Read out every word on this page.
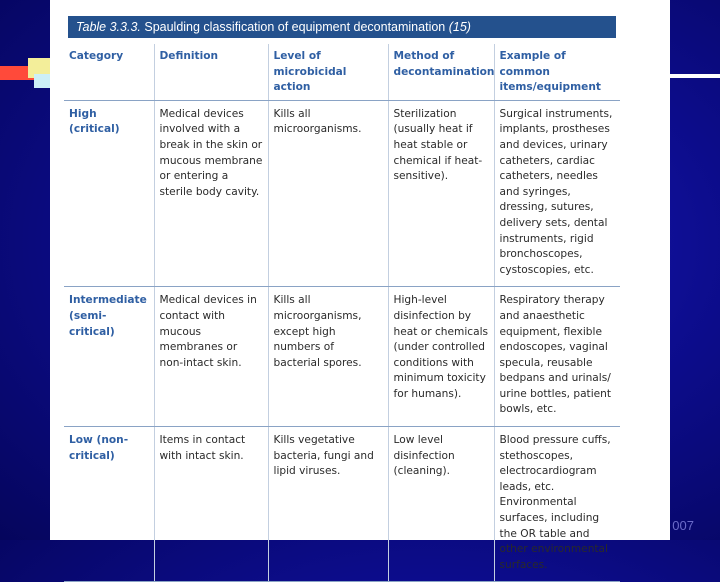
007
Table 3.3.3. Spaulding classification of equipment decontamination (15)
Category	Definition	Level of microbicidal action	Method of decontamination	Example of common items/equipment
High (critical)	Medical devices involved with a break in the skin or mucous membrane or entering a sterile body cavity.	Kills all microorganisms.	Sterilization (usually heat if heat stable or chemical if heat-sensitive).	Surgical instruments, implants, prostheses and devices, urinary catheters, cardiac catheters, needles and syringes, dressing, sutures, delivery sets, dental instruments, rigid bronchoscopes, cystoscopies, etc.
Intermediate (semi-critical)	Medical devices in contact with mucous membranes or non-intact skin.	Kills all microorganisms, except high numbers of bacterial spores.	High-level disinfection by heat or chemicals (under controlled conditions with minimum toxicity for humans).	Respiratory therapy and anaesthetic equipment, flexible endoscopes, vaginal specula, reusable bedpans and urinals/ urine bottles, patient bowls, etc.
Low (non-critical)	Items in contact with intact skin.	Kills vegetative bacteria, fungi and lipid viruses.	Low level disinfection (cleaning).	Blood pressure cuffs, stethoscopes, electrocardiogram leads, etc. Environmental surfaces, including the OR table and other environmental surfaces.
